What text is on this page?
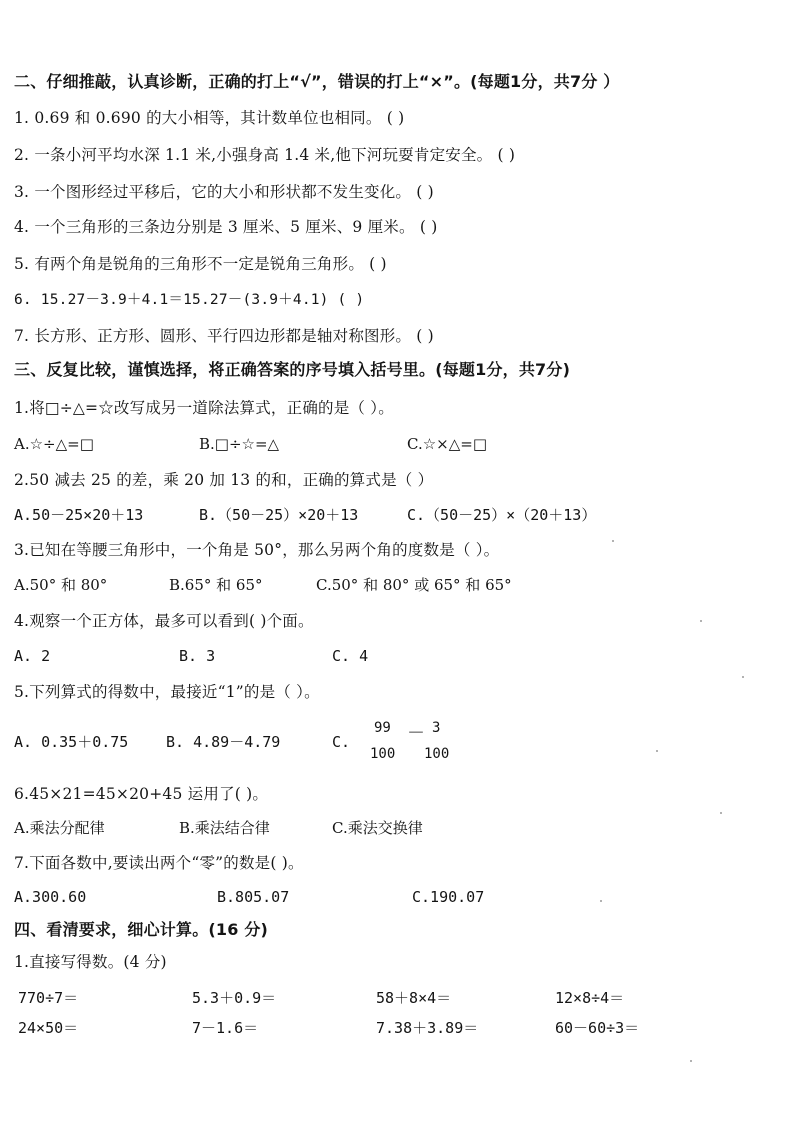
二、仔细推敲，认真诊断，正确的打上“√”，错误的打上“×”。(每题1分，共7分 ）
1. 0.69 和 0.690 的大小相等，其计数单位也相同。 ( )
2. 一条小河平均水深 1.1 米,小强身高 1.4 米,他下河玩耍肯定安全。 ( )
3. 一个图形经过平移后，它的大小和形状都不发生变化。 ( )
4. 一个三角形的三条边分别是 3 厘米、5 厘米、9 厘米。 ( )
5. 有两个角是锐角的三角形不一定是锐角三角形。 ( )
6. 15.27－3.9＋4.1＝15.27－(3.9＋4.1) ( )
7. 长方形、正方形、圆形、平行四边形都是轴对称图形。 ( )
三、反复比较，谨慎选择，将正确答案的序号填入括号里。(每题1分，共7分)
1.将□÷△=☆改写成另一道除法算式，正确的是（ ）。
A.☆÷△=□	B.□÷☆=△	C.☆×△=□
2.50 减去 25 的差，乘 20 加 13 的和，正确的算式是（ ）
A.50－25×20＋13	B.（50－25）×20＋13	C.（50－25）×（20＋13）
3.已知在等腰三角形中，一个角是 50°，那么另两个角的度数是（ ）。
A.50° 和 80°	B.65° 和 65°	C.50° 和 80° 或 65° 和 65°
4.观察一个正方体，最多可以看到( )个面。
A. 2	B. 3	C. 4
5.下列算式的得数中，最接近“1”的是（ ）。
A. 0.35＋0.75	B. 4.89－4.79	C.
99
100
－ 3
100
6.45×21=45×20+45 运用了( )。
A.乘法分配律	B.乘法结合律	C.乘法交换律
7.下面各数中,要读出两个“零”的数是( )。
A.300.60	B.805.07	C.190.07
四、看清要求，细心计算。(16 分)
1.直接写得数。(4 分)
770÷7＝	5.3＋0.9＝	58＋8×4＝	12×8÷4＝
24×50＝	7－1.6＝	7.38＋3.89＝	60－60÷3＝
